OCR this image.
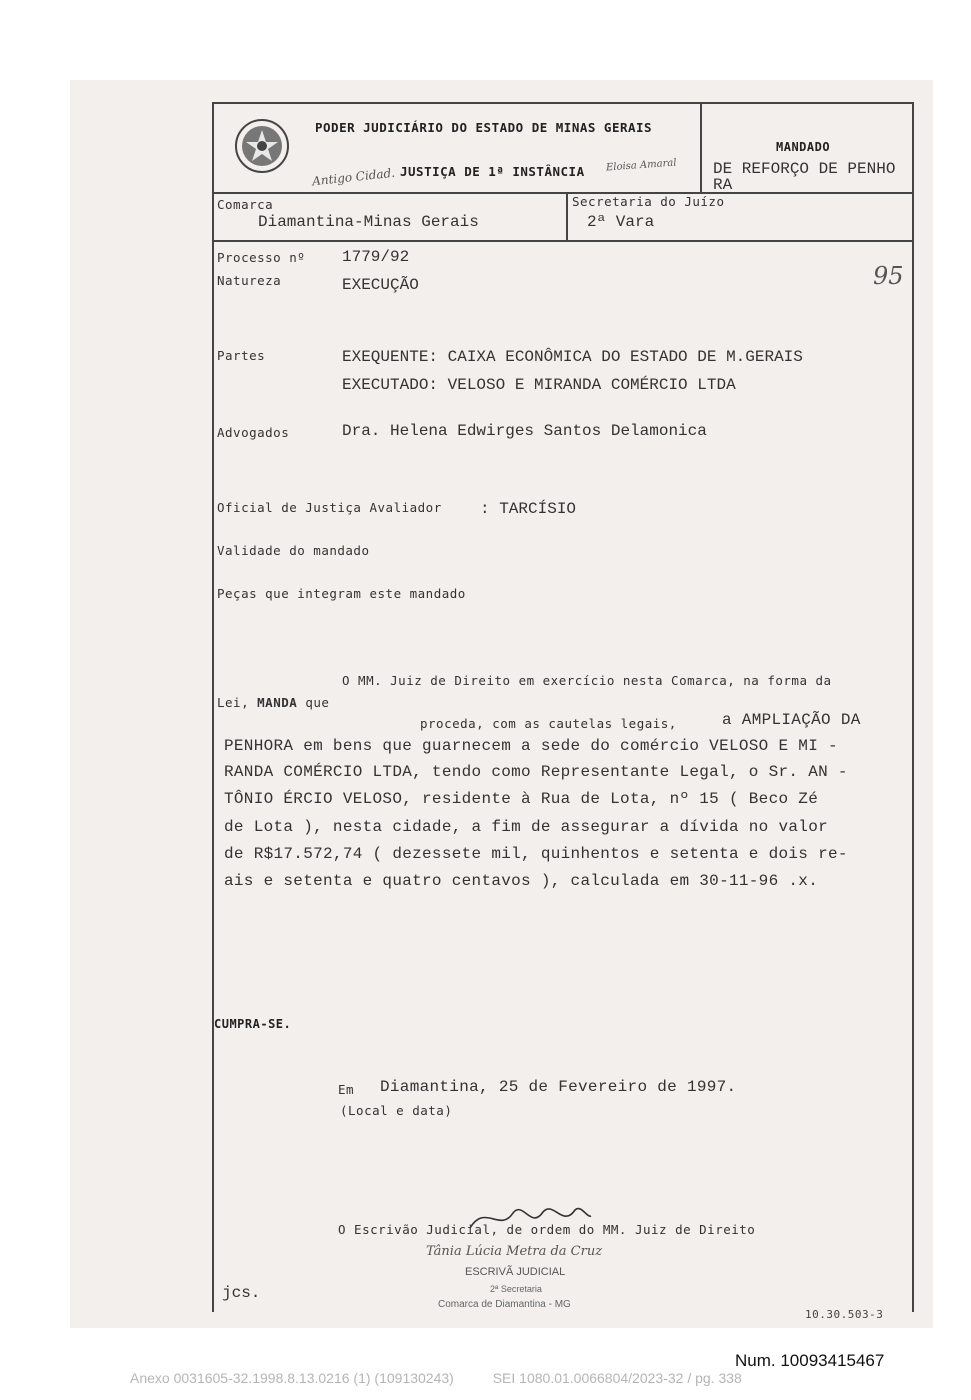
PODER JUDICIÁRIO DO ESTADO DE MINAS GERAIS
JUSTIÇA DE 1ª INSTÂNCIA
Antigo Cidad.
Eloisa Amaral
MANDADO
DE REFORÇO DE PENHO
RA
Comarca
Diamantina-Minas Gerais
Secretaria do Juízo
2ª Vara
Processo nº 1779/92
Natureza	EXECUÇÃO	95
Partes	EXEQUENTE: CAIXA ECONÔMICA DO ESTADO DE M.GERAIS
EXECUTADO: VELOSO E MIRANDA COMÉRCIO LTDA
Advogados	Dra. Helena Edwirges Santos Delamonica
Oficial de Justiça Avaliador : TARCÍSIO
Validade do mandado
Peças que integram este mandado
O MM. Juiz de Direito em exercício nesta Comarca, na forma da
Lei, MANDA que
proceda, com as cautelas legais,	a AMPLIAÇÃO DA
PENHORA em bens que guarnecem a sede do comércio VELOSO E MI -
RANDA COMÉRCIO LTDA, tendo como Representante Legal, o Sr. AN -
TÔNIO ÉRCIO VELOSO, residente à Rua de Lota, nº 15 ( Beco Zé
de Lota ), nesta cidade, a fim de assegurar a dívida no valor
de R$17.572,74 ( dezessete mil, quinhentos e setenta e dois re-
ais e setenta e quatro centavos ), calculada em 30-11-96 .x.
CUMPRA-SE.
Em Diamantina, 25 de Fevereiro de 1997.
(Local e data)
O Escrivão Judicial, de ordem do MM. Juiz de Direito
Tânia Lúcia Metra da Cruz
ESCRIVÃ JUDICIAL
2ª Secretaria
Comarca de Diamantina - MG
jcs.
10.30.503-3
Num. 10093415467
Anexo 0031605-32.1998.8.13.0216 (1) (109130243)          SEI 1080.01.0066804/2023-32 / pg. 338
